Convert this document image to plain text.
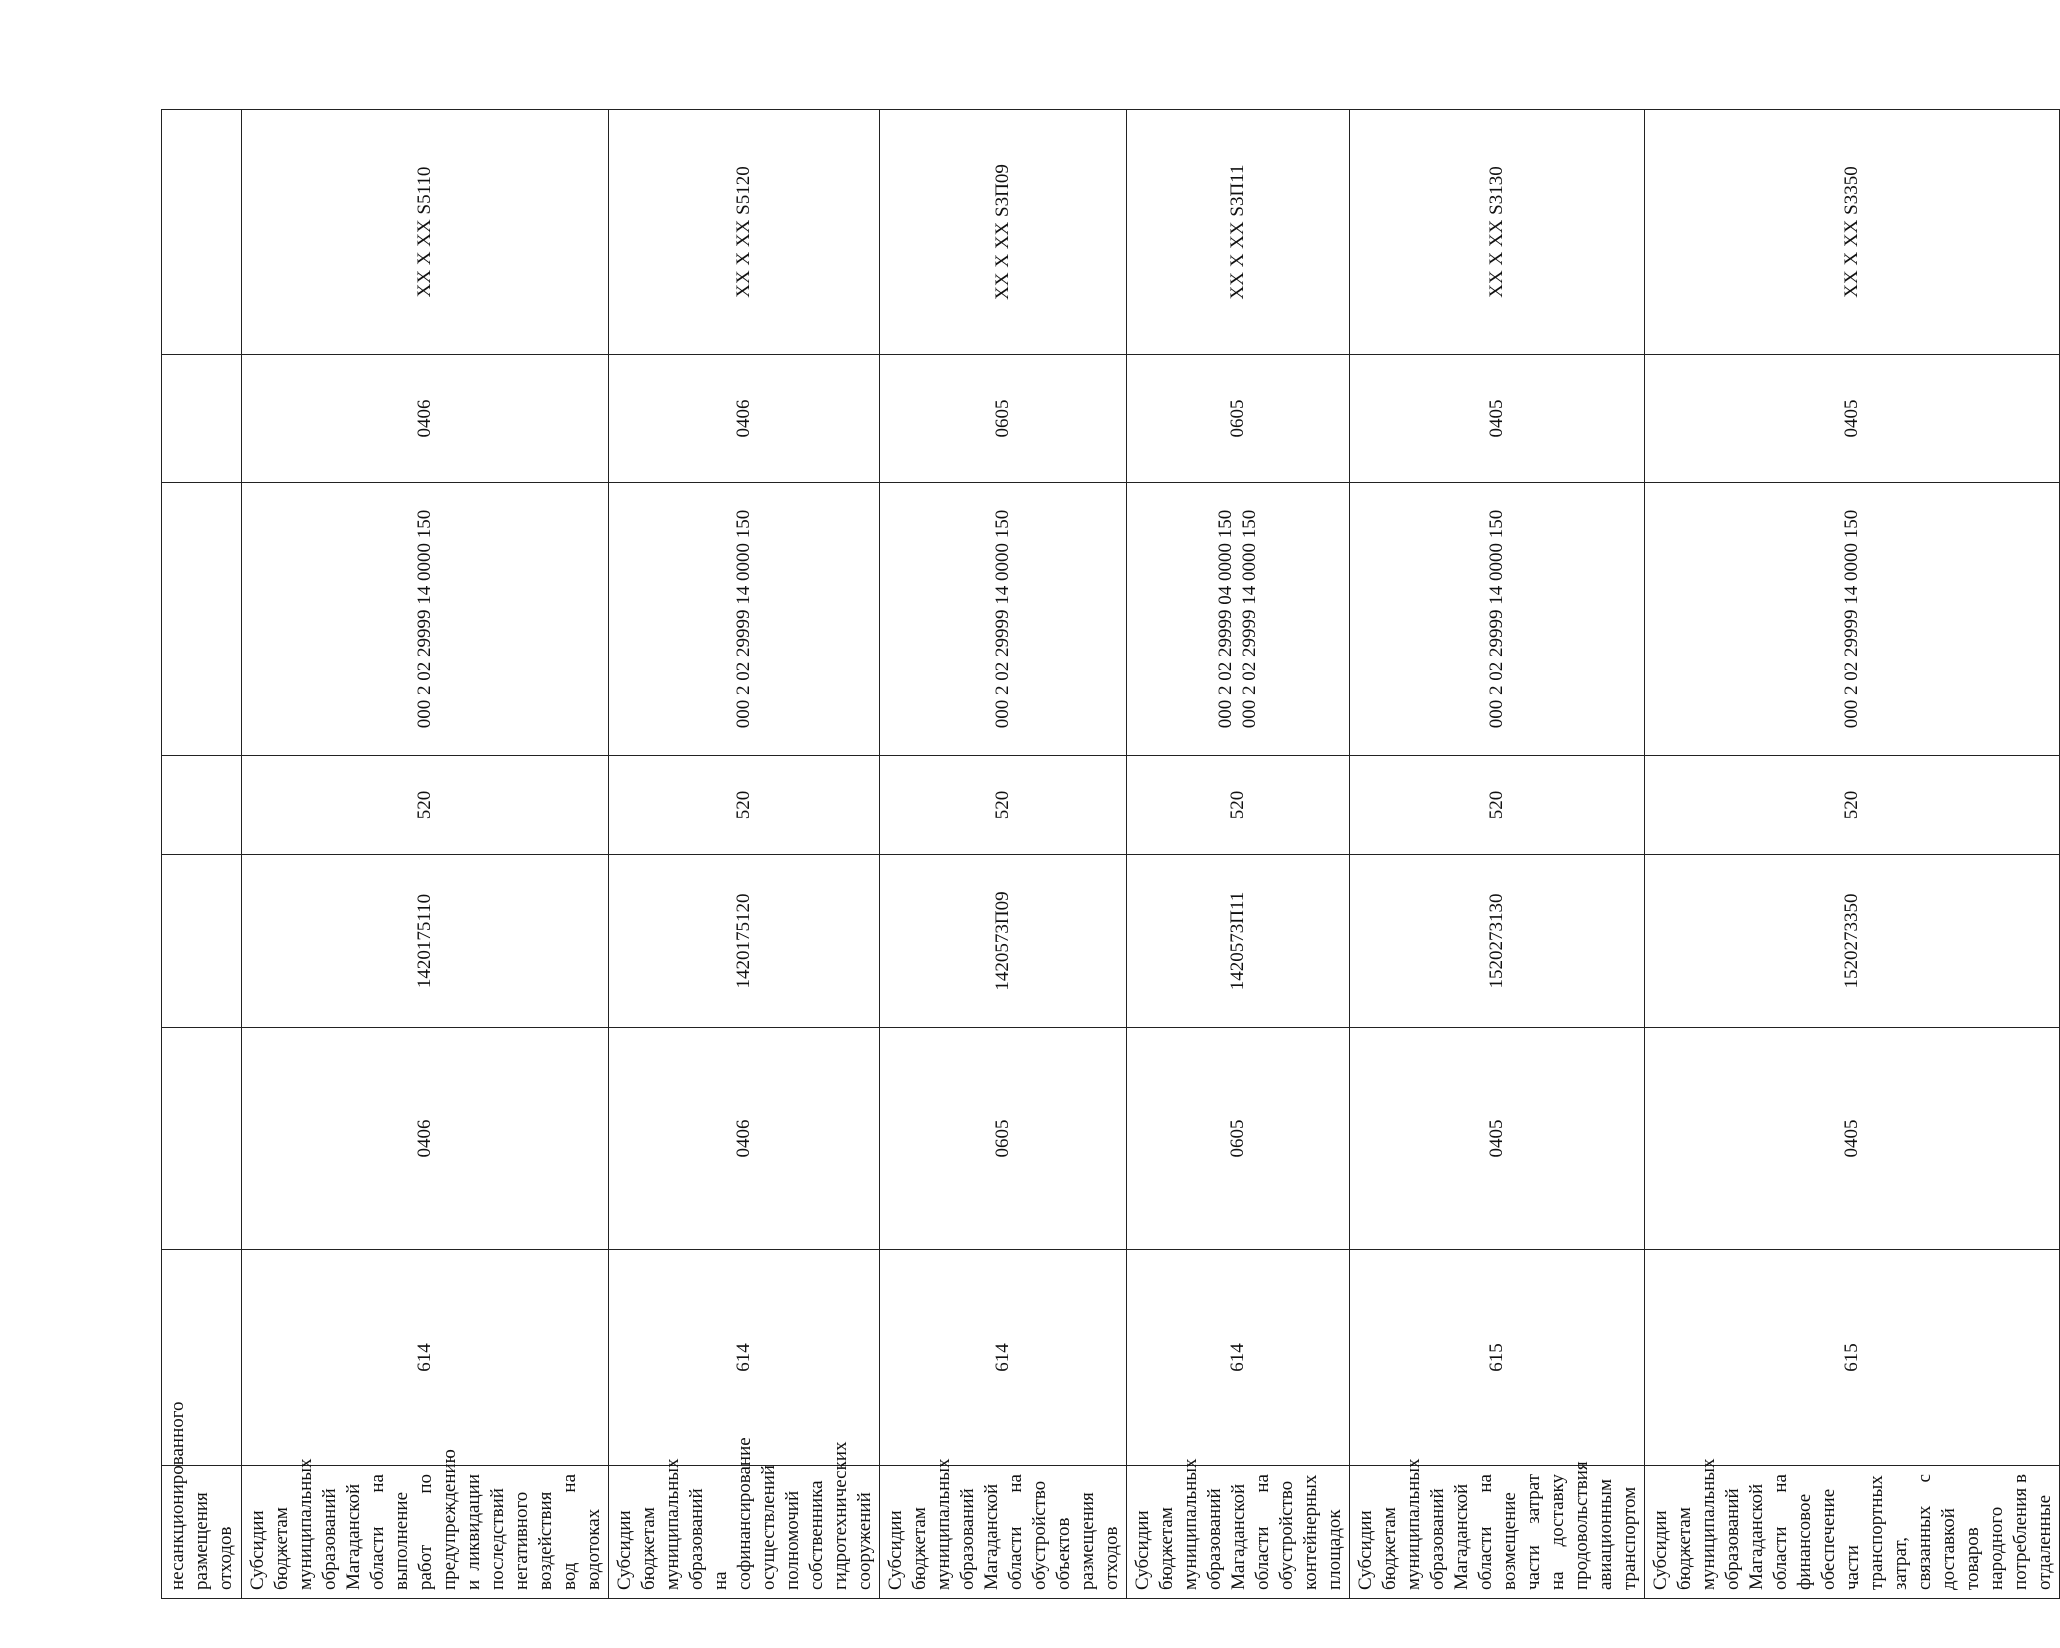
несанкционированного размещения отходов							
Субсидии бюджетам муниципальных образований Магаданской области на выполнение работ по предупреждению и ликвидации последствий негативного воздействия вод на водотоках	614	0406	1420175110	520	000 2 02 29999 14 0000 150	0406	XX X XX S5110
Субсидии бюджетам муниципальных образований на софинансирование осуществлений полномочий собственника гидротехнических сооружений	614	0406	1420175120	520	000 2 02 29999 14 0000 150	0406	XX X XX S5120
Субсидии бюджетам муниципальных образований Магаданской области на обустройство объектов размещения отходов	614	0605	1420573П09	520	000 2 02 29999 14 0000 150	0605	XX X XX S3П09
Субсидии бюджетам муниципальных образований Магаданской области на обустройство контейнерных площадок	614	0605	1420573П11	520	000 2 02 29999 04 0000 150 000 2 02 29999 14 0000 150	0605	XX X XX S3П11
Субсидии бюджетам муниципальных образований Магаданской области на возмещение части затрат на доставку продовольствия авиационным транспортом	615	0405	1520273130	520	000 2 02 29999 14 0000 150	0405	XX X XX S3130
Субсидии бюджетам муниципальных образований Магаданской области на финансовое обеспечение части транспортных затрат, связанных с доставкой товаров народного потребления в отдаленные	615	0405	1520273350	520	000 2 02 29999 14 0000 150	0405	XX X XX S3350
